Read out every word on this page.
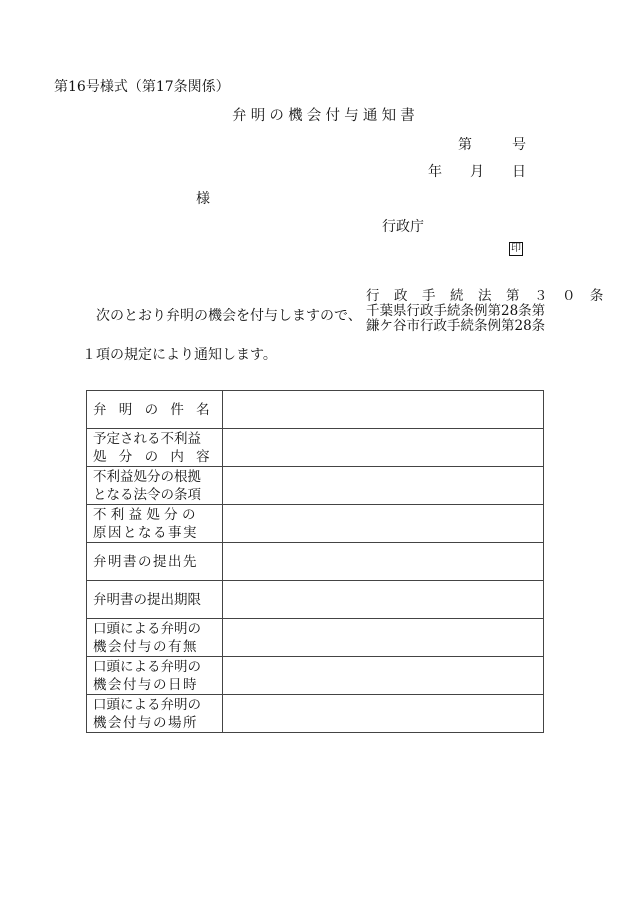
第16号様式（第17条関係）
弁明の機会付与通知書
第	号
年 月 日
様
行政庁
印
次のとおり弁明の機会を付与しますので、
行 政 手 続 法 第 ３ ０ 条
千葉県行政手続条例第28条第
鎌ケ谷市行政手続条例第28条
１項の規定により通知します。
弁 明 の 件 名	

予定される不利益
処 分 の 内 容	

不利益処分の根拠
となる法令の条項	

不 利 益 処 分 の
原因となる事実	

弁明書の提出先	

弁明書の提出期限	

口頭による弁明の
機会付与の有無	

口頭による弁明の
機会付与の日時	

口頭による弁明の
機会付与の場所	
